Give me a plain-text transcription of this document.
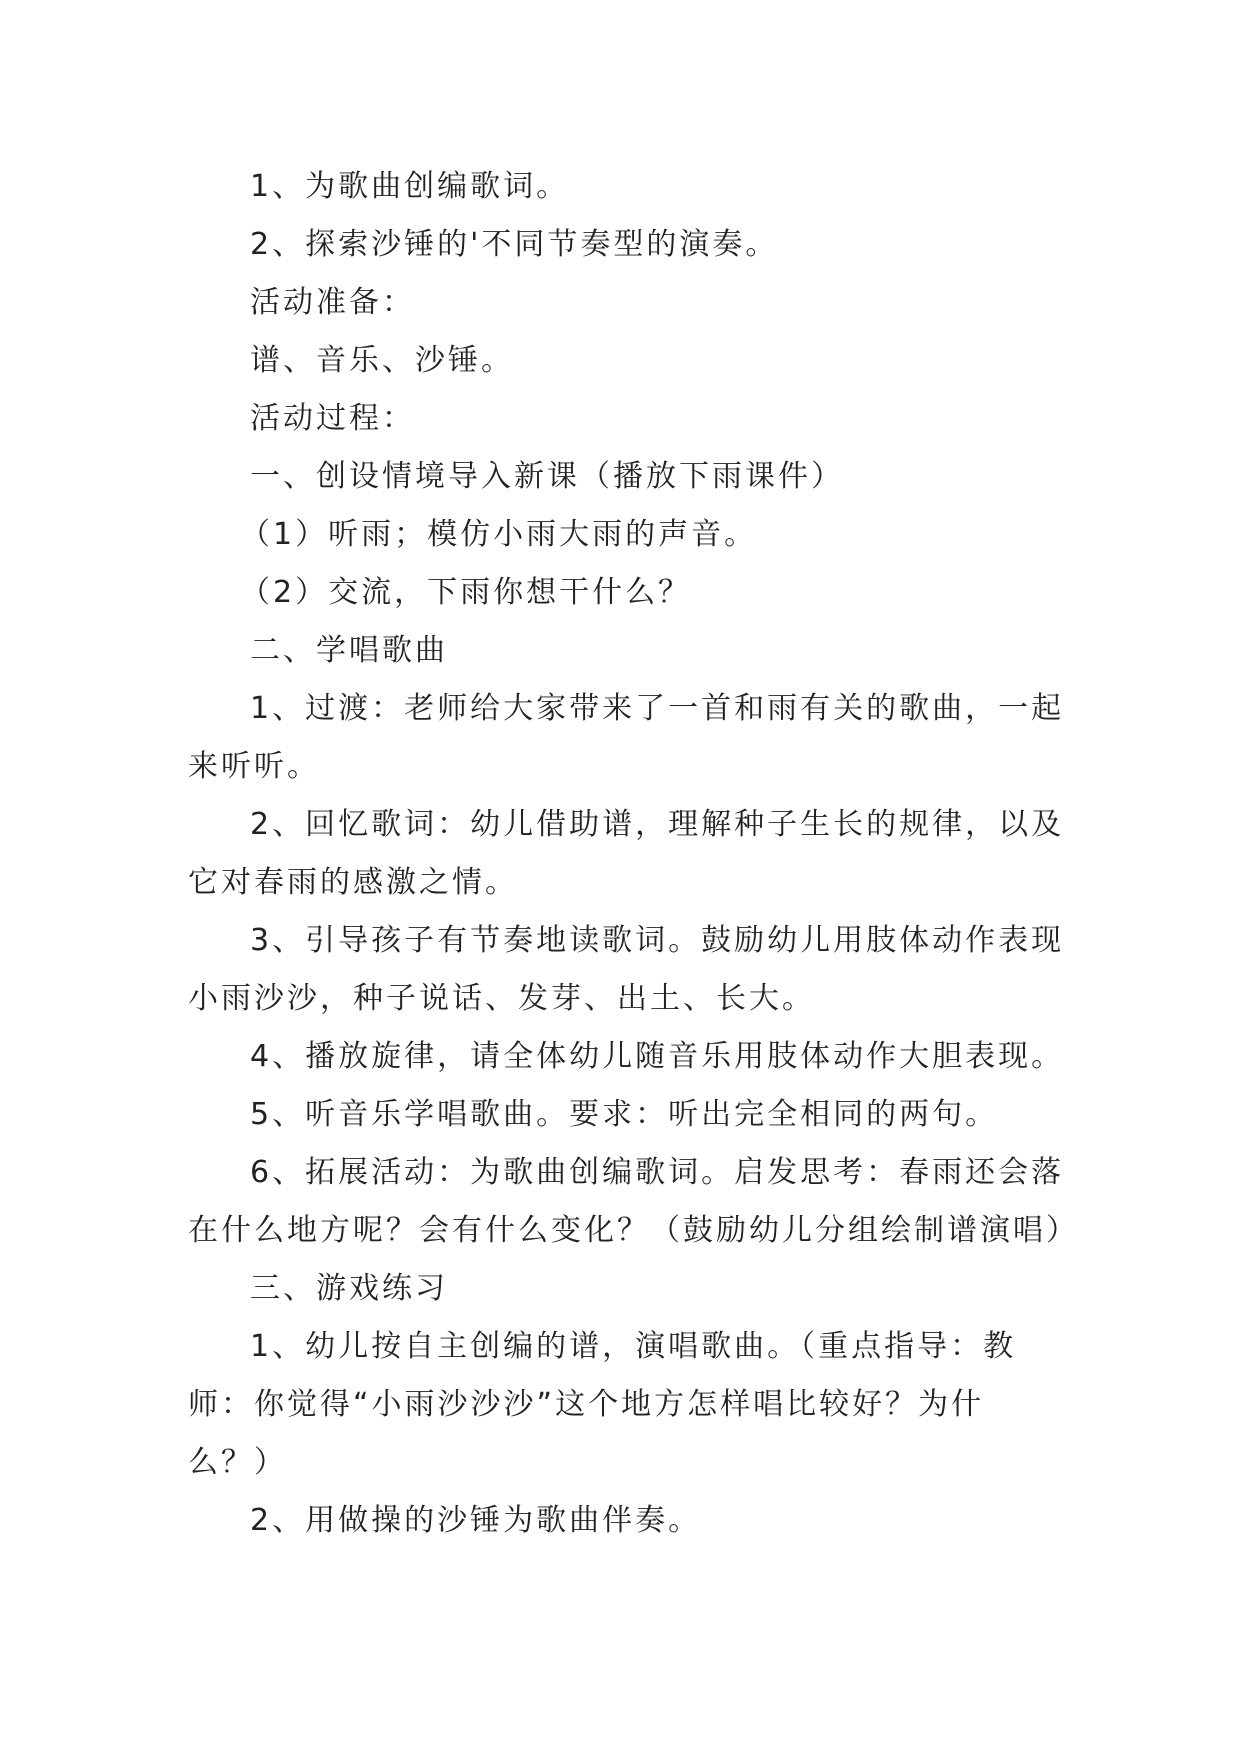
1、为歌曲创编歌词。

2、探索沙锤的'不同节奏型的演奏。

活动准备：

谱、音乐、沙锤。

活动过程：

一、创设情境导入新课（播放下雨课件）

（1）听雨；模仿小雨大雨的声音。

（2）交流，下雨你想干什么？

二、学唱歌曲

1、过渡：老师给大家带来了一首和雨有关的歌曲，一起来听听。

2、回忆歌词：幼儿借助谱，理解种子生长的规律，以及它对春雨的感激之情。

3、引导孩子有节奏地读歌词。鼓励幼儿用肢体动作表现小雨沙沙，种子说话、发芽、出土、长大。

4、播放旋律，请全体幼儿随音乐用肢体动作大胆表现。

5、听音乐学唱歌曲。要求：听出完全相同的两句。

6、拓展活动：为歌曲创编歌词。启发思考：春雨还会落在什么地方呢？会有什么变化？（鼓励幼儿分组绘制谱演唱）

三、游戏练习

1、幼儿按自主创编的谱，演唱歌曲。（重点指导：教师：你觉得“小雨沙沙沙”这个地方怎样唱比较好？为什么？）

2、用做操的沙锤为歌曲伴奏。
